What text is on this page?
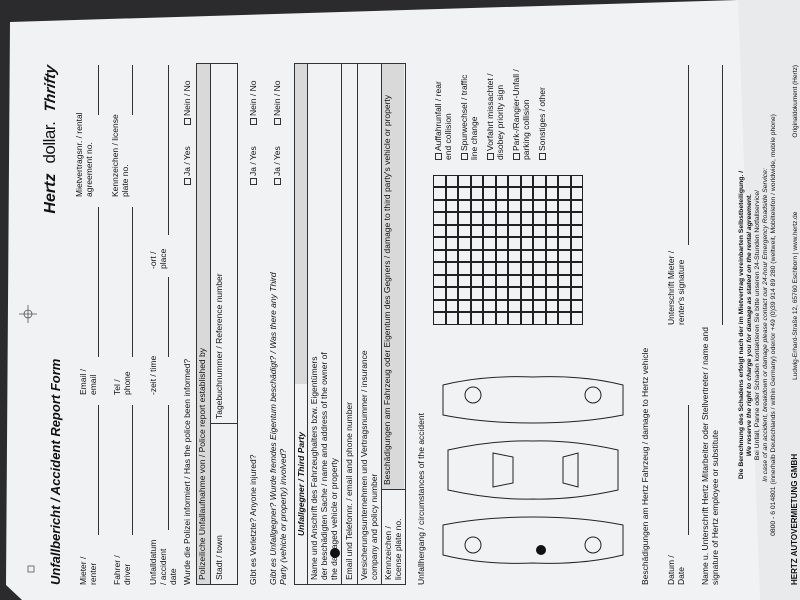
Unfallbericht / Accident Report Form
Hertz
dollar.
Thrifty
Mieter / renter
Email / email
Mietvertragsnr. / rental agreement no.
Fahrer / driver
Tel / phone
Kennzeichen / license plate no.
Unfalldatum / accident date
-zeit / time
-ort / place
Wurde die Polizei informiert / Has the police been informed?
Ja / Yes
Nein / No
Polizeiliche Unfallaufnahme von / Police report established by Stadt / town
Tagebuchnummer / Reference number
Gibt es Verletzte? Anyone injured?
Ja / Yes
Nein / No
Gibt es Unfallgegner? Wurde fremdes Eigentum beschädigt? / Was there any Third Party (vehicle or property) involved?
Ja / Yes
Nein / No
Unfallgegner / Third Party Name und Anschrift des Fahrzeughalters bzw. Eigentümers der beschädigten Sache / name and address of the owner of the damaged vehicle or property Email und Telefonnr. / email and phone number Versicherungsunternehmen und Vertragsnummer / insurance company and policy number Kennzeichen / license plate no.
Beschädigungen am Fahrzeug oder Eigentum des Gegners / damage to third party's vehicle or property
Unfallhergang / circumstances of the accident
Auffahrunfall / rear end collision Spurwechsel / traffic line change Vorfahrt missachtet / disobey priority sign Park-/Rangier-Unfall / parking collision Sonstiges / other
Beschädigungen am Hertz Fahrzeug / damage to Hertz vehicle Datum / Date
Unterschrift Mieter / renter's signature
Name u. Unterschrift Hertz Mitarbeiter oder Stellvertreter / name and signature of Hertz employee or substitute
Die Berechnung des Schadens erfolgt nach der im Mietvertrag vereinbarten Selbstbeteiligung. / We reserve the right to charge you for damage as stated on the rental agreement. Bei Unfall, Panne oder Schaden kontaktieren Sie bitte unseren 24-Stunden Notfallservice/ In case of an accident, breakdown or damage please contact our 24-hour Emergency Roadside Service: 0800 - 6 014801 (innerhalb Deutschlands / within Germany) oder/or +49 (0)39 914 89 280 (weltweit, Mobiltelefon / worldwide, mobile phone) HERTZ AUTOVERMIETUNG GMBH
Ludwig-Erhard-Straße 12, 65760 Eschborn | www.hertz.de
Originaldokument (Hertz)
